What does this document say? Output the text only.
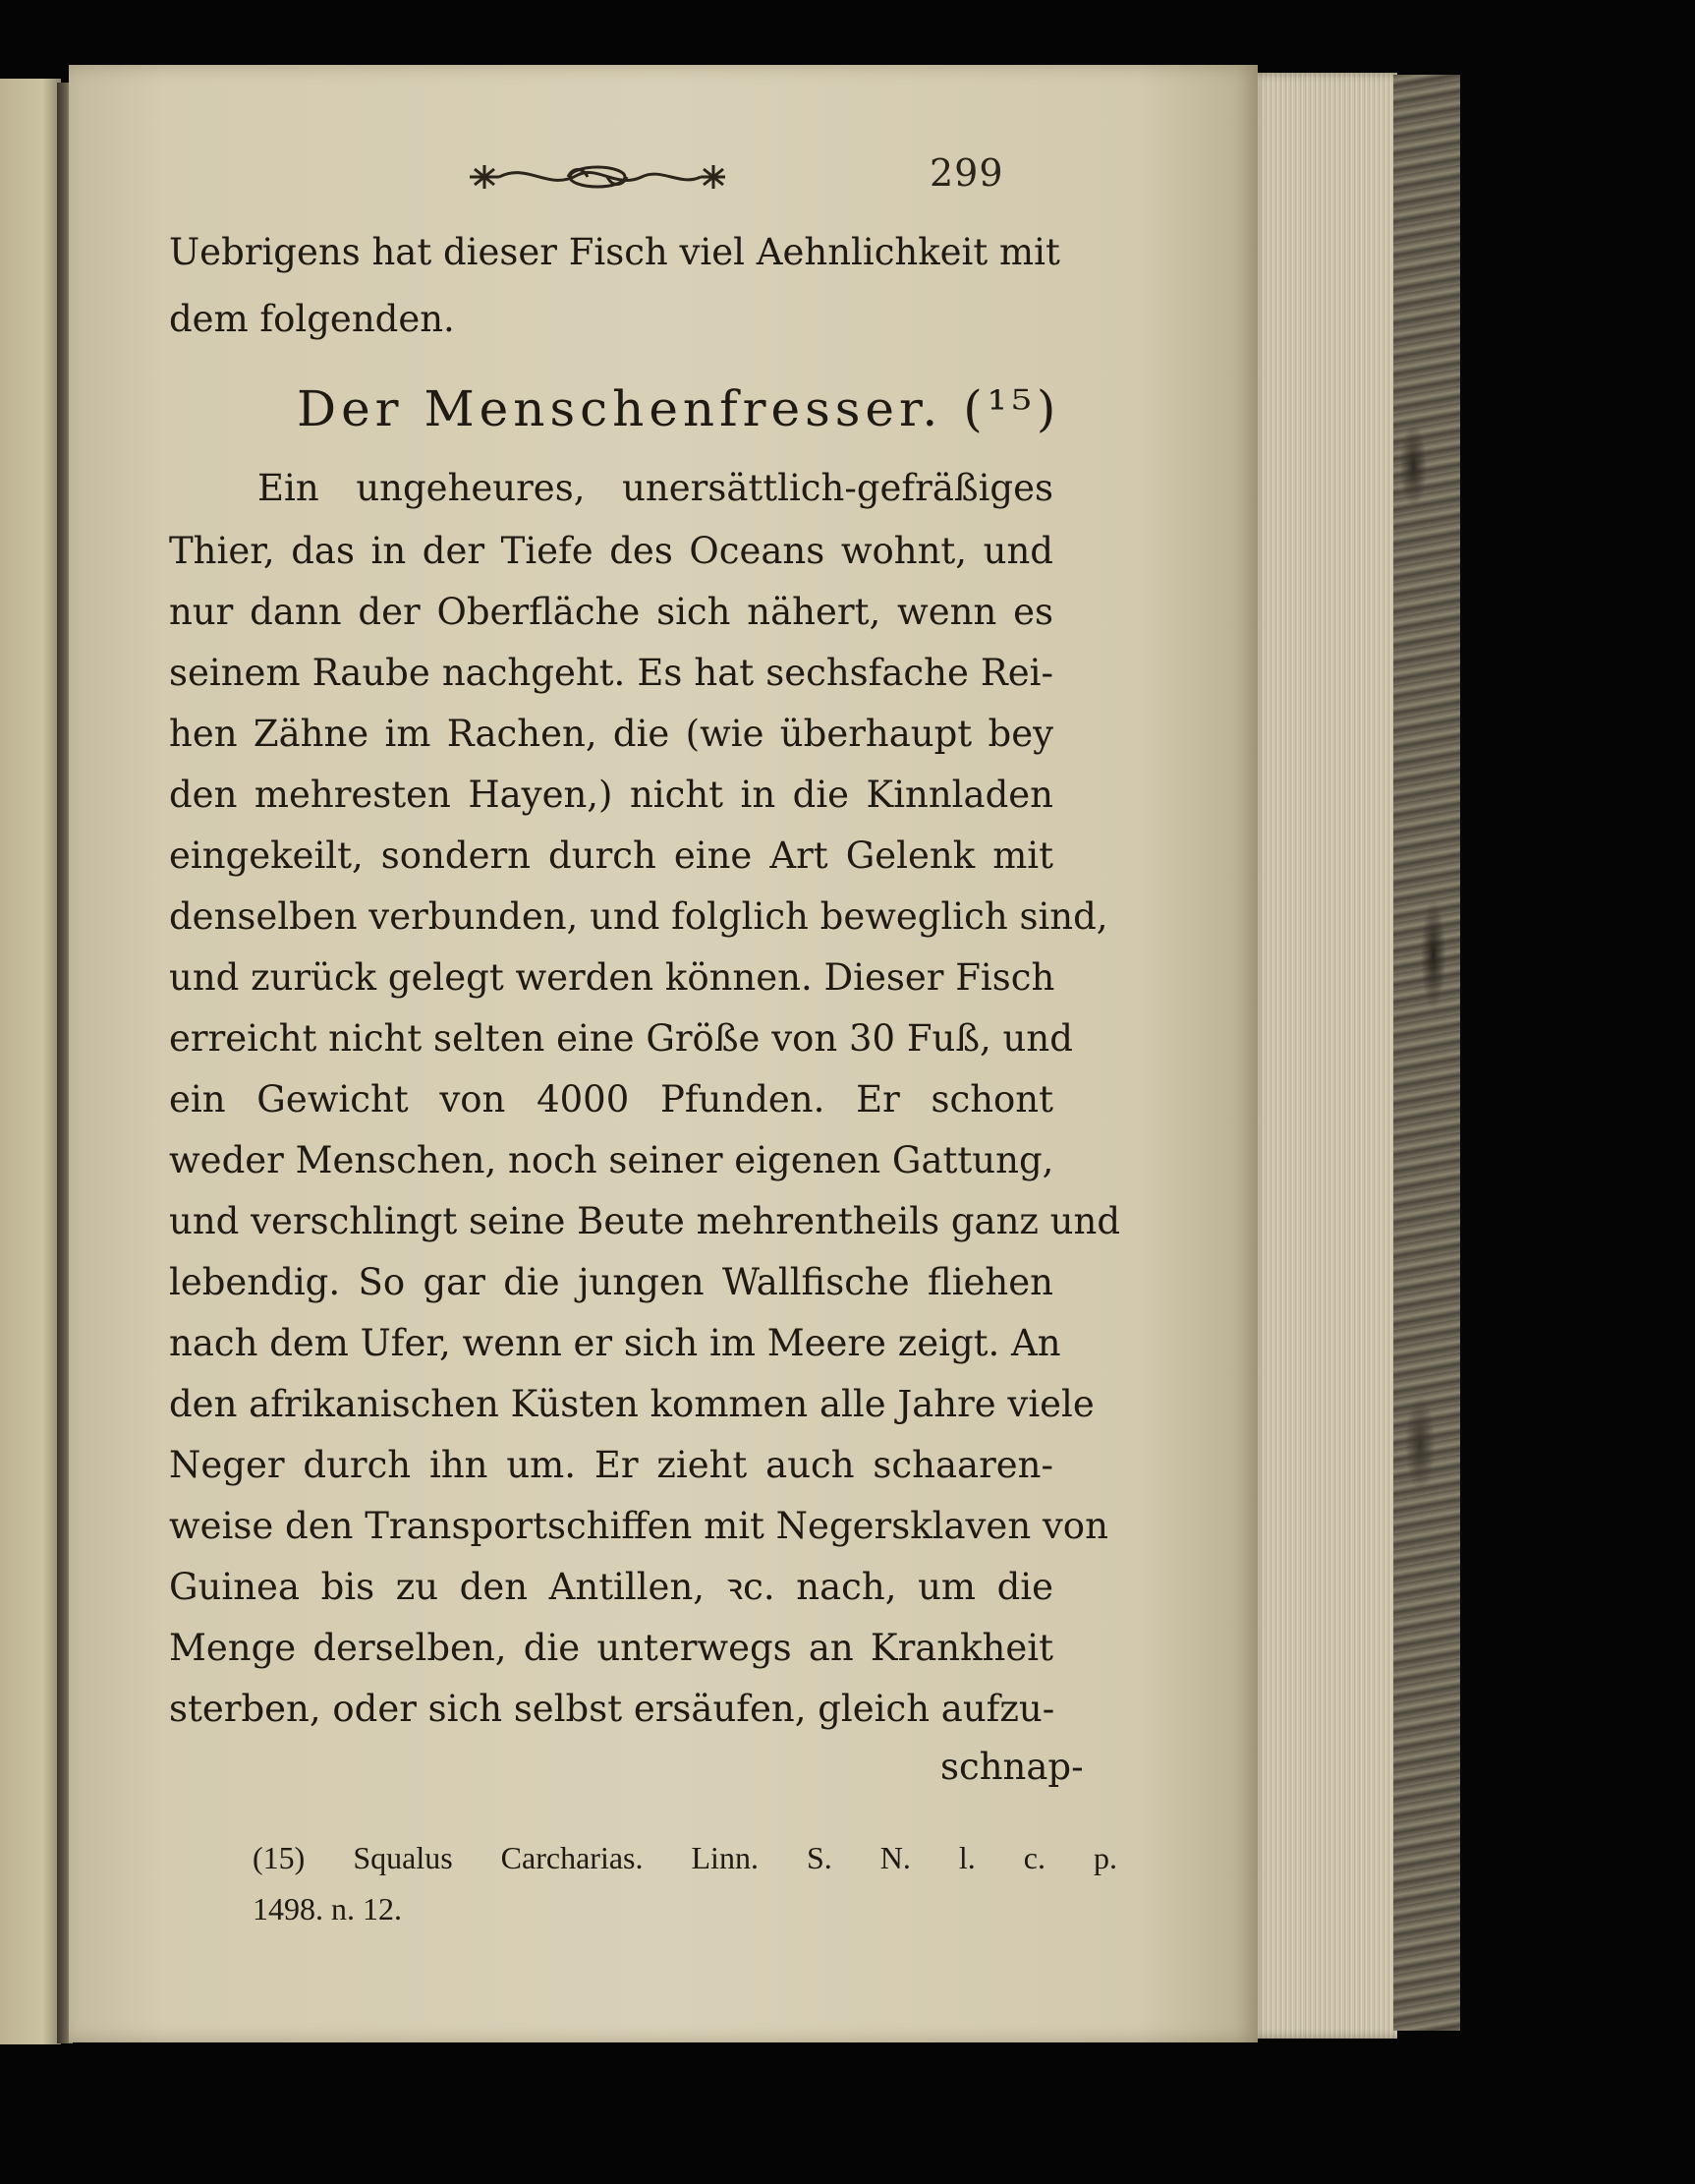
299
Uebrigens hat dieser Fisch viel Aehnlichkeit mit
dem folgenden.
Der Menschenfresser. (¹⁵)
Ein ungeheures, unersättlich-gefräßiges
Thier, das in der Tiefe des Oceans wohnt, und
nur dann der Oberfläche sich nähert, wenn es
seinem Raube nachgeht. Es hat sechsfache Rei-
hen Zähne im Rachen, die (wie überhaupt bey
den mehresten Hayen,) nicht in die Kinnladen
eingekeilt, sondern durch eine Art Gelenk mit
denselben verbunden, und folglich beweglich sind,
und zurück gelegt werden können. Dieser Fisch
erreicht nicht selten eine Größe von 30 Fuß, und
ein Gewicht von 4000 Pfunden. Er schont
weder Menschen, noch seiner eigenen Gattung,
und verschlingt seine Beute mehrentheils ganz und
lebendig. So gar die jungen Wallfische fliehen
nach dem Ufer, wenn er sich im Meere zeigt. An
den afrikanischen Küsten kommen alle Jahre viele
Neger durch ihn um. Er zieht auch schaaren-
weise den Transportschiffen mit Negersklaven von
Guinea bis zu den Antillen, ꝛc. nach, um die
Menge derselben, die unterwegs an Krankheit
sterben, oder sich selbst ersäufen, gleich aufzu-
schnap-
(15) Squalus Carcharias. Linn. S. N. l. c. p.
1498. n. 12.
